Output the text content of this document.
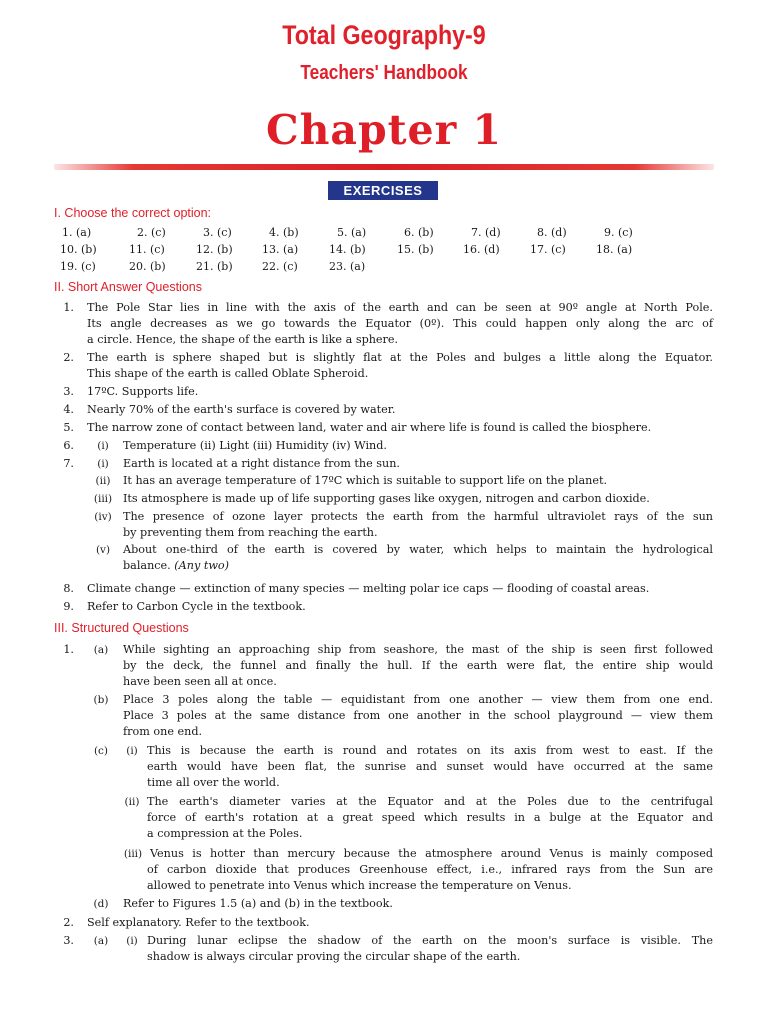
Total Geography-9
Teachers' Handbook
Chapter 1
EXERCISES
I. Choose the correct option:
1. (a)	2. (c)	3. (c)	4. (b)	5. (a)	6. (b)	7. (d)	8. (d)	9. (c)
10. (b)	11. (c)	12. (b)	13. (a)	14. (b)	15. (b)	16. (d)	17. (c)	18. (a)
19. (c)	20. (b)	21. (b)	22. (c)	23. (a)
II. Short Answer Questions
1. The Pole Star lies in line with the axis of the earth and can be seen at 90º angle at North Pole.
Its angle decreases as we go towards the Equator (0º). This could happen only along the arc of
a circle. Hence, the shape of the earth is like a sphere.
2. The earth is sphere shaped but is slightly flat at the Poles and bulges a little along the Equator.
This shape of the earth is called Oblate Spheroid.
3. 17ºC. Supports life.
4. Nearly 70% of the earth's surface is covered by water.
5. The narrow zone of contact between land, water and air where life is found is called the biosphere.
6.	(i)	Temperature (ii) Light (iii) Humidity (iv) Wind.
7.	(i)	Earth is located at a right distance from the sun.
(ii)	It has an average temperature of 17ºC which is suitable to support life on the planet.
(iii) Its atmosphere is made up of life supporting gases like oxygen, nitrogen and carbon dioxide.
(iv)	The presence of ozone layer protects the earth from the harmful ultraviolet rays of the sun
by preventing them from reaching the earth.
(v)	About one-third of the earth is covered by water, which helps to maintain the hydrological
balance. (Any two)
8. Climate change — extinction of many species — melting polar ice caps — flooding of coastal areas.
9. Refer to Carbon Cycle in the textbook.
III. Structured Questions
1.	(a)	While sighting an approaching ship from seashore, the mast of the ship is seen first followed
by the deck, the funnel and finally the hull. If the earth were flat, the entire ship would
have been seen all at once.
(b)	Place 3 poles along the table — equidistant from one another — view them from one end.
Place 3 poles at the same distance from one another in the school playground — view them
from one end.
(c)	(i) This is because the earth is round and rotates on its axis from west to east. If the
earth would have been flat, the sunrise and sunset would have occurred at the same
time all over the world.
(ii) The earth's diameter varies at the Equator and at the Poles due to the centrifugal
force of earth's rotation at a great speed which results in a bulge at the Equator and
a compression at the Poles.
(iii) Venus is hotter than mercury because the atmosphere around Venus is mainly composed
of carbon dioxide that produces Greenhouse effect, i.e., infrared rays from the Sun are
allowed to penetrate into Venus which increase the temperature on Venus.
(d)	Refer to Figures 1.5 (a) and (b) in the textbook.
2. Self explanatory. Refer to the textbook.
3.	(a)	(i) During lunar eclipse the shadow of the earth on the moon's surface is visible. The
shadow is always circular proving the circular shape of the earth.
